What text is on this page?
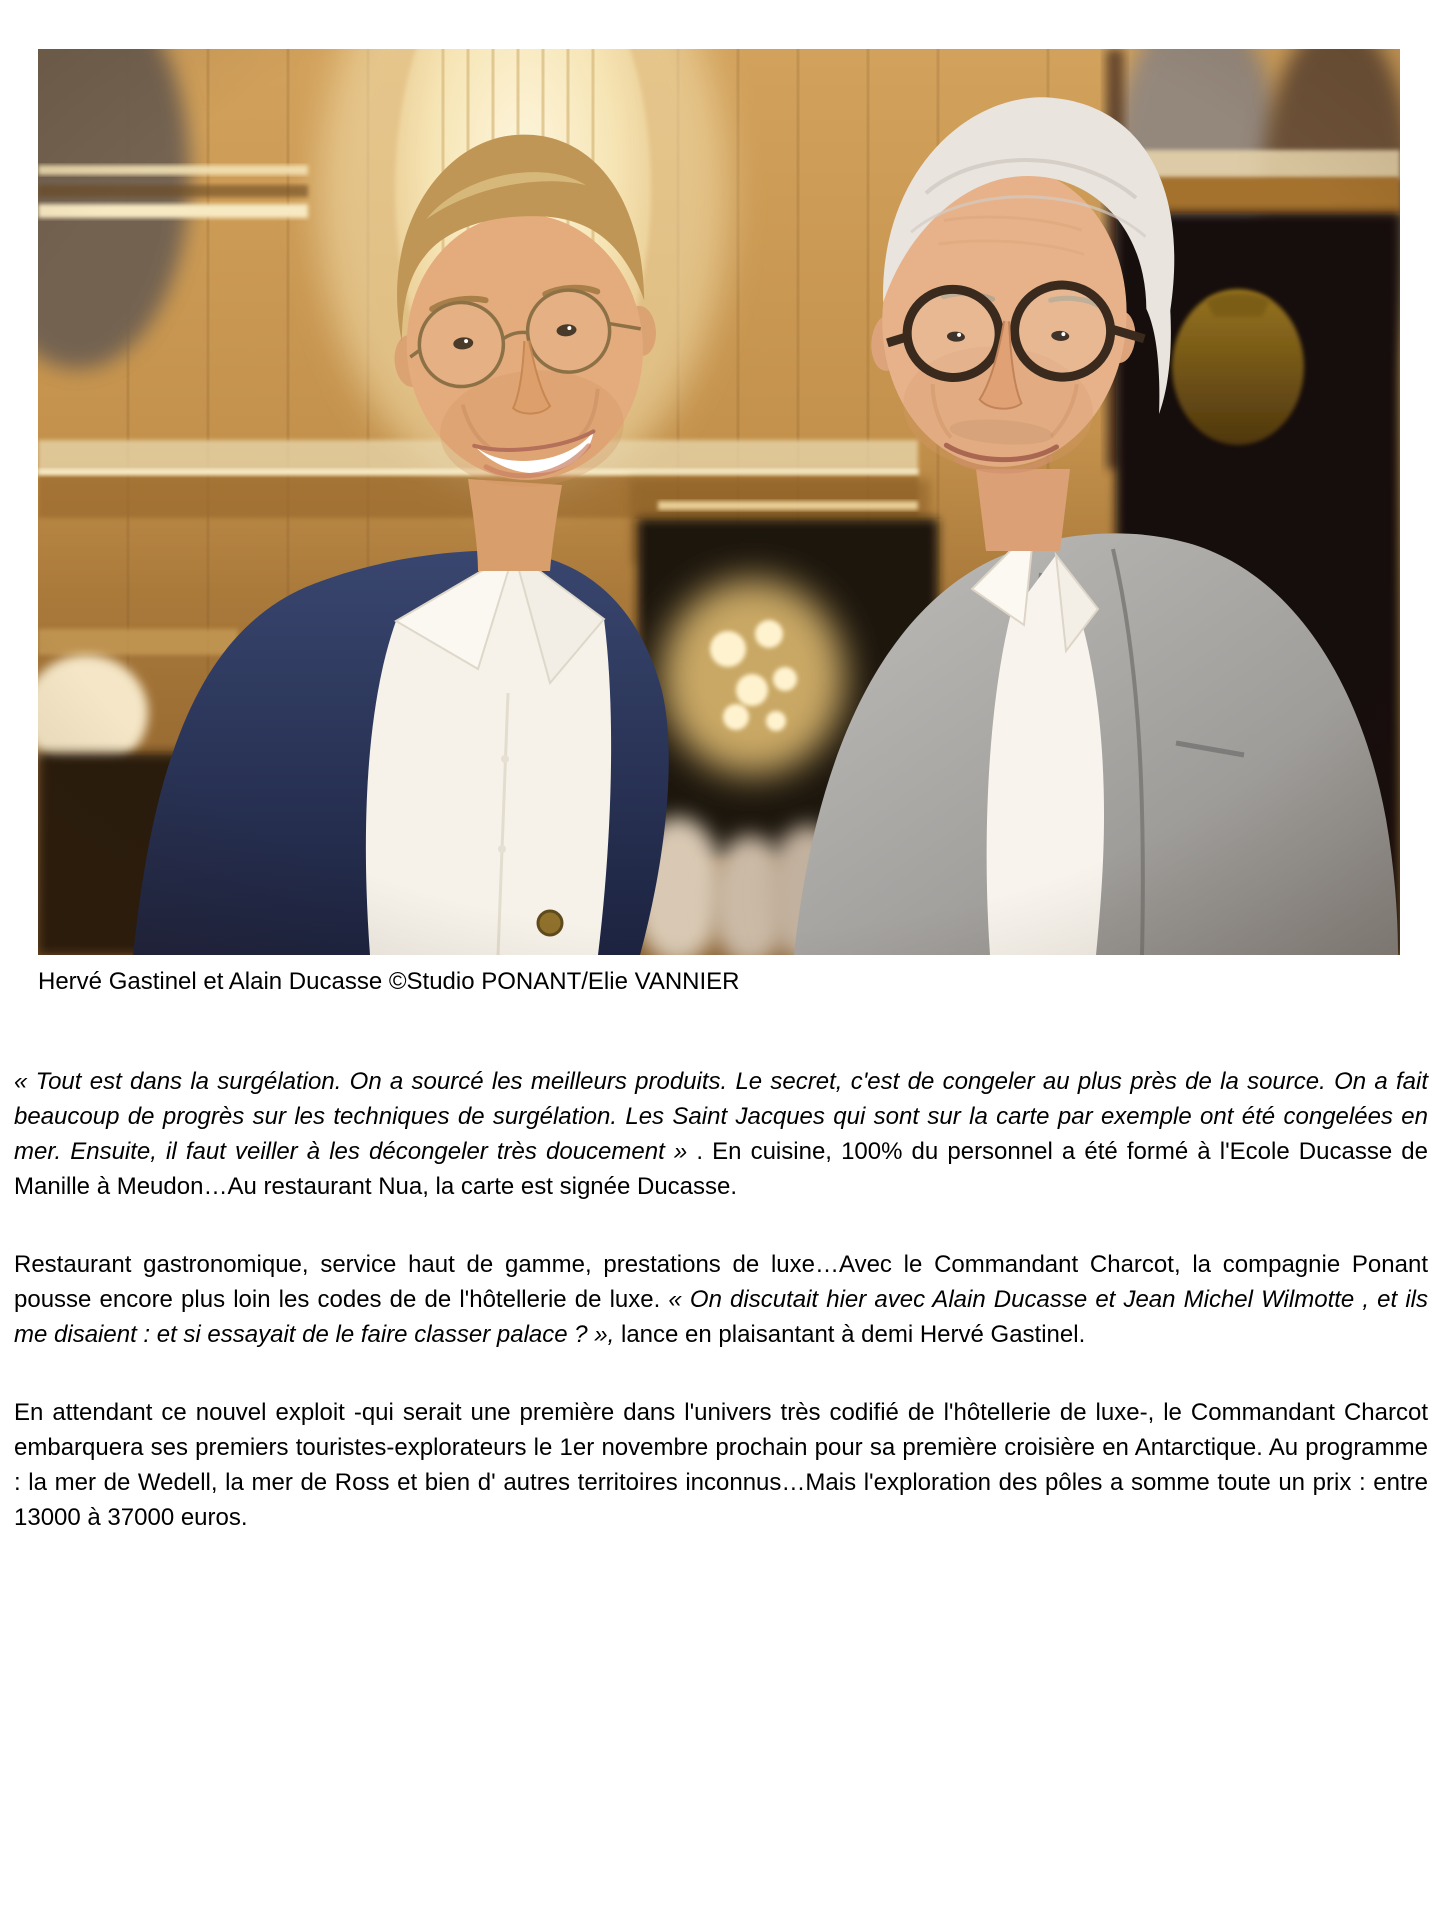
Hervé Gastinel et Alain Ducasse ©Studio PONANT/Elie VANNIER

« Tout est dans la surgélation. On a sourcé les meilleurs produits. Le secret, c'est de congeler au plus près de la source. On a fait beaucoup de progrès sur les techniques de surgélation. Les Saint Jacques qui sont sur la carte par exemple ont été congelées en mer. Ensuite, il faut veiller à les décongeler très doucement » . En cuisine, 100% du personnel a été formé à l'Ecole Ducasse de Manille à Meudon…Au restaurant Nua, la carte est signée Ducasse.

Restaurant gastronomique, service haut de gamme, prestations de luxe…Avec le Commandant Charcot, la compagnie Ponant pousse encore plus loin les codes de de l'hôtellerie de luxe. « On discutait hier avec Alain Ducasse et Jean Michel Wilmotte , et ils me disaient : et si essayait de le faire classer palace ? », lance en plaisantant à demi Hervé Gastinel.

En attendant ce nouvel exploit -qui serait une première dans l'univers très codifié de l'hôtellerie de luxe-, le Commandant Charcot embarquera ses premiers touristes-explorateurs le 1er novembre prochain pour sa première croisière en Antarctique. Au programme : la mer de Wedell, la mer de Ross et bien d' autres territoires inconnus…Mais l'exploration des pôles a somme toute un prix : entre 13000 à 37000 euros.
